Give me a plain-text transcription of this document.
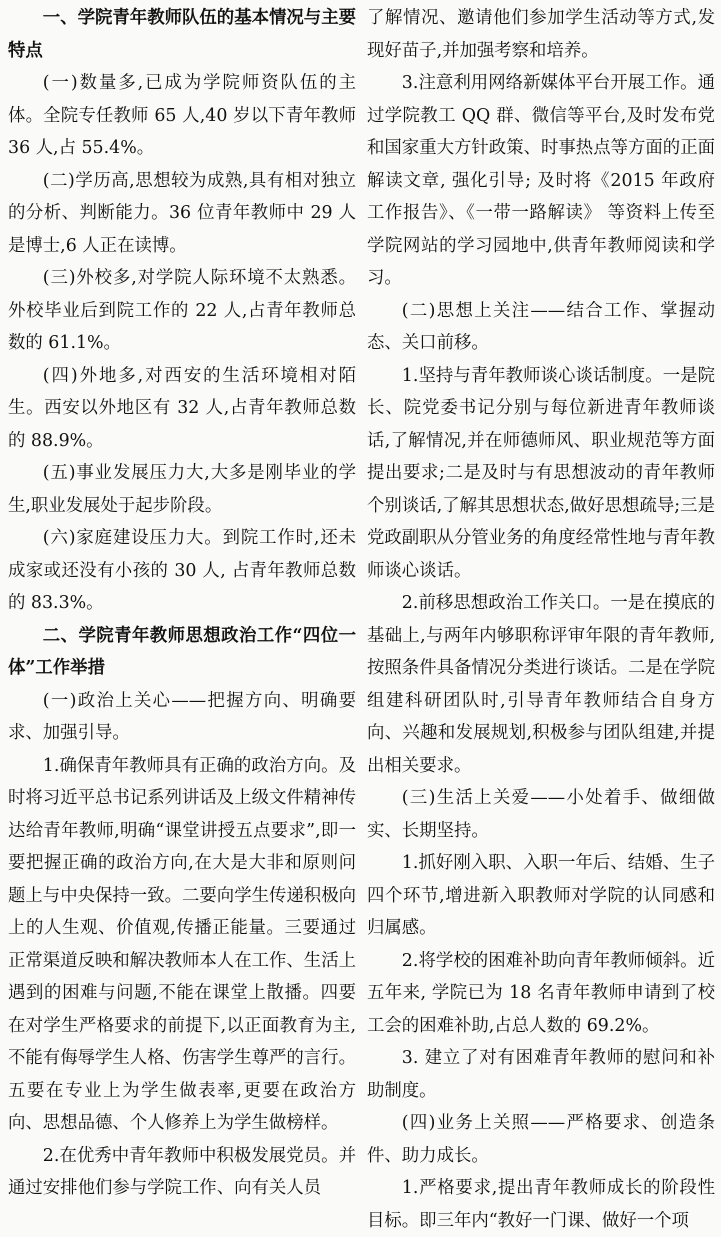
一、学院青年教师队伍的基本情况与主要特点

(一)数量多,已成为学院师资队伍的主体。全院专任教师 65 人,40 岁以下青年教师 36 人,占 55.4%。

(二)学历高,思想较为成熟,具有相对独立的分析、判断能力。36 位青年教师中 29 人是博士,6 人正在读博。

(三)外校多,对学院人际环境不太熟悉。外校毕业后到院工作的 22 人,占青年教师总数的 61.1%。

(四)外地多,对西安的生活环境相对陌生。西安以外地区有 32 人,占青年教师总数的 88.9%。

(五)事业发展压力大,大多是刚毕业的学生,职业发展处于起步阶段。

(六)家庭建设压力大。到院工作时,还未成家或还没有小孩的 30 人, 占青年教师总数的 83.3%。

二、学院青年教师思想政治工作“四位一体”工作举措

(一)政治上关心——把握方向、明确要求、加强引导。

1.确保青年教师具有正确的政治方向。及时将习近平总书记系列讲话及上级文件精神传达给青年教师,明确“课堂讲授五点要求”,即一要把握正确的政治方向,在大是大非和原则问题上与中央保持一致。二要向学生传递积极向上的人生观、价值观,传播正能量。三要通过正常渠道反映和解决教师本人在工作、生活上遇到的困难与问题,不能在课堂上散播。四要在对学生严格要求的前提下,以正面教育为主,不能有侮辱学生人格、伤害学生尊严的言行。五要在专业上为学生做表率,更要在政治方向、思想品德、个人修养上为学生做榜样。

2.在优秀中青年教师中积极发展党员。并通过安排他们参与学院工作、向有关人员

了解情况、邀请他们参加学生活动等方式,发现好苗子,并加强考察和培养。

3.注意利用网络新媒体平台开展工作。通过学院教工 QQ 群、微信等平台,及时发布党和国家重大方针政策、时事热点等方面的正面解读文章, 强化引导; 及时将《2015 年政府工作报告》、《一带一路解读》 等资料上传至学院网站的学习园地中,供青年教师阅读和学习。

(二)思想上关注——结合工作、掌握动态、关口前移。

1.坚持与青年教师谈心谈话制度。一是院长、院党委书记分别与每位新进青年教师谈话,了解情况,并在师德师风、职业规范等方面提出要求;二是及时与有思想波动的青年教师个别谈话,了解其思想状态,做好思想疏导;三是党政副职从分管业务的角度经常性地与青年教师谈心谈话。

2.前移思想政治工作关口。一是在摸底的基础上,与两年内够职称评审年限的青年教师,按照条件具备情况分类进行谈话。二是在学院组建科研团队时,引导青年教师结合自身方向、兴趣和发展规划,积极参与团队组建,并提出相关要求。

(三)生活上关爱——小处着手、做细做实、长期坚持。

1.抓好刚入职、入职一年后、结婚、生子四个环节,增进新入职教师对学院的认同感和归属感。

2.将学校的困难补助向青年教师倾斜。近五年来, 学院已为 18 名青年教师申请到了校工会的困难补助,占总人数的 69.2%。

3. 建立了对有困难青年教师的慰问和补助制度。

(四)业务上关照——严格要求、创造条件、助力成长。

1.严格要求,提出青年教师成长的阶段性目标。即三年内“教好一门课、做好一个项
